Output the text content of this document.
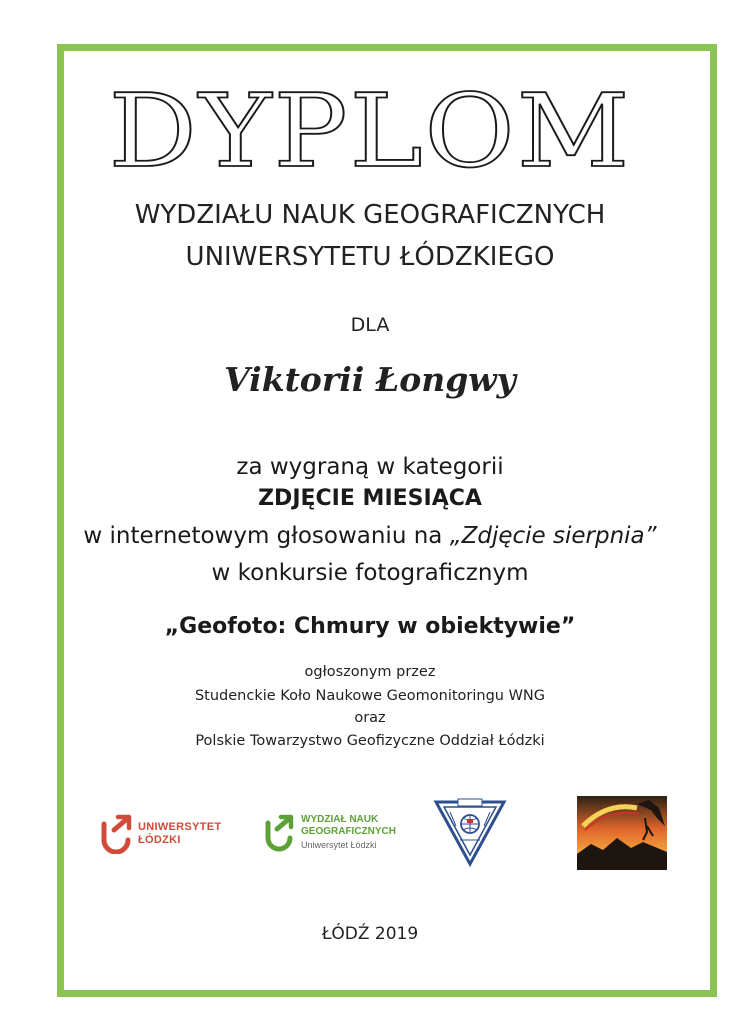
DYPLOM
WYDZIAŁU NAUK GEOGRAFICZNYCH
UNIWERSYTETU ŁÓDZKIEGO
DLA
Viktorii Łongwy
za wygraną w kategorii
ZDJĘCIE MIESIĄCA
w internetowym głosowaniu na „Zdjęcie sierpnia”
w konkursie fotograficznym
„Geofoto: Chmury w obiektywie”
ogłoszonym przez
Studenckie Koło Naukowe Geomonitoringu WNG
oraz
Polskie Towarzystwo Geofizyczne Oddział Łódzki
UNIWERSYTET
ŁÓDZKI
WYDZIAŁ NAUK
GEOGRAFICZNYCH
Uniwersytet Łódzki
ŁÓDŹ 2019
